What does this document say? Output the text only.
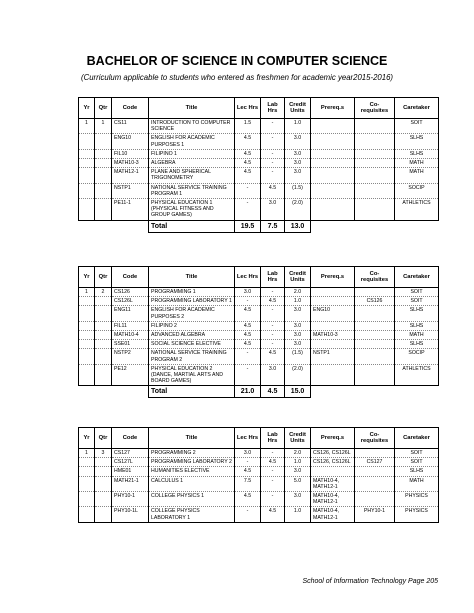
BACHELOR OF SCIENCE IN COMPUTER SCIENCE
(Curriculum applicable to students who entered as freshmen for academic year2015-2016)
Yr	Qtr	Code	Title	Lec Hrs	Lab Hrs	Credit Units	Prereq.s	Co-requisites	Caretaker
1	1	CS11	INTRODUCTION TO COMPUTER SCIENCE	1.5	-	1.0			SOIT
		ENG10	ENGLISH FOR ACADEMIC PURPOSES 1	4.5	-	3.0			SLHS
		FIL10	FILIPINO 1	4.5	-	3.0			SLHS
		MATH10-3	ALGEBRA	4.5	-	3.0			MATH
		MATH12-1	PLANE AND SPHERICAL TRIGONOMETRY	4.5	-	3.0			MATH
		NSTP1	NATIONAL SERVICE TRAINING PROGRAM 1	-	4.5	(1.5)			SOCIP
		PE11-1	PHYSICAL EDUCATION 1 (PHYSICAL FITNESS AND GROUP GAMES)	-	3.0	(2.0)			ATHLETICS
			Total	19.5	7.5	13.0			
Yr	Qtr	Code	Title	Lec Hrs	Lab Hrs	Credit Units	Prereq.s	Co-requisites	Caretaker
1	2	CS126	PROGRAMMING 1	3.0	-	2.0			SOIT
		CS126L	PROGRAMMING LABORATORY 1	-	4.5	1.0		CS126	SOIT
		ENG11	ENGLISH FOR ACADEMIC PURPOSES 2	4.5	-	3.0	ENG10		SLHS
		FIL11	FILIPINO 2	4.5	-	3.0			SLHS
		MATH10-4	ADVANCED ALGEBRA	4.5	-	3.0	MATH10-3		MATH
		SSE01	SOCIAL SCIENCE ELECTIVE	4.5	-	3.0			SLHS
		NSTP2	NATIONAL SERVICE TRAINING PROGRAM 2	-	4.5	(1.5)	NSTP1		SOCIP
		PE12	PHYSICAL EDUCATION 2 (DANCE, MARTIAL ARTS AND BOARD GAMES)	-	3.0	(2.0)			ATHLETICS
			Total	21.0	4.5	15.0			
Yr	Qtr	Code	Title	Lec Hrs	Lab Hrs	Credit Units	Prereq.s	Co-requisites	Caretaker
1	3	CS127	PROGRAMMING 2	3.0	-	2.0	CS126, CS126L		SOIT
		CS127L	PROGRAMMING LABORATORY 2	-	4.5	1.0	CS126, CS126L	CS127	SOIT
		HME01	HUMANITIES ELECTIVE	4.5	-	3.0			SLHS
		MATH21-1	CALCULUS 1	7.5	-	5.0	MATH10-4, MATH12-1		MATH
		PHY10-1	COLLEGE PHYSICS 1	4.5	-	3.0	MATH10-4, MATH12-1		PHYSICS
		PHY10-1L	COLLEGE PHYSICS LABORATORY 1	-	4.5	1.0	MATH10-4, MATH12-1	PHY10-1	PHYSICS
School of Information Technology Page 205
